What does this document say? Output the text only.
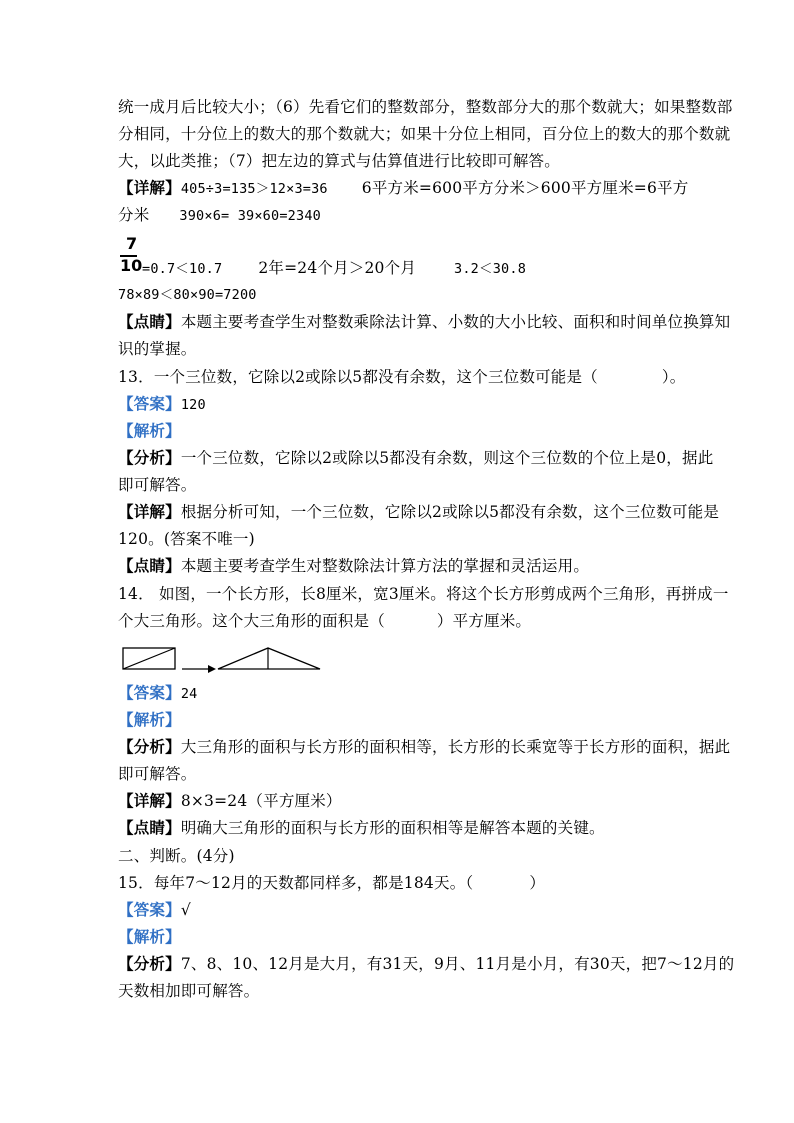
统一成月后比较大小；（6）先看它们的整数部分，整数部分大的那个数就大；如果整数部
分相同，十分位上的数大的那个数就大；如果十分位上相同，百分位上的数大的那个数就
大，以此类推；（7）把左边的算式与估算值进行比较即可解答。
【详解】405÷3=135＞12×3=36 6平方米=600平方分米＞600平方厘米=6平方
分米 390×6= 39×60=2340
7
10 =0.7＜10.7 2年=24个月＞20个月	3.2＜30.8
78×89＜80×90=7200
【点睛】本题主要考查学生对整数乘除法计算、小数的大小比较、面积和时间单位换算知
识的掌握。
13．一个三位数，它除以2或除以5都没有余数，这个三位数可能是（	）。
【答案】120
【解析】
【分析】一个三位数，它除以2或除以5都没有余数，则这个三位数的个位上是0，据此
即可解答。
【详解】根据分析可知，一个三位数，它除以2或除以5都没有余数，这个三位数可能是
120。(答案不唯一)
【点睛】本题主要考查学生对整数除法计算方法的掌握和灵活运用。
14． 如图，一个长方形，长8厘米，宽3厘米。将这个长方形剪成两个三角形，再拼成一
个大三角形。这个大三角形的面积是（	）平方厘米。
【答案】24
【解析】
【分析】大三角形的面积与长方形的面积相等，长方形的长乘宽等于长方形的面积，据此
即可解答。
【详解】8×3=24（平方厘米）
【点睛】明确大三角形的面积与长方形的面积相等是解答本题的关键。
二、判断。(4分)
15．每年7～12月的天数都同样多，都是184天。（	）
【答案】√
【解析】
【分析】7、8、10、12月是大月，有31天，9月、11月是小月，有30天，把7～12月的
天数相加即可解答。
